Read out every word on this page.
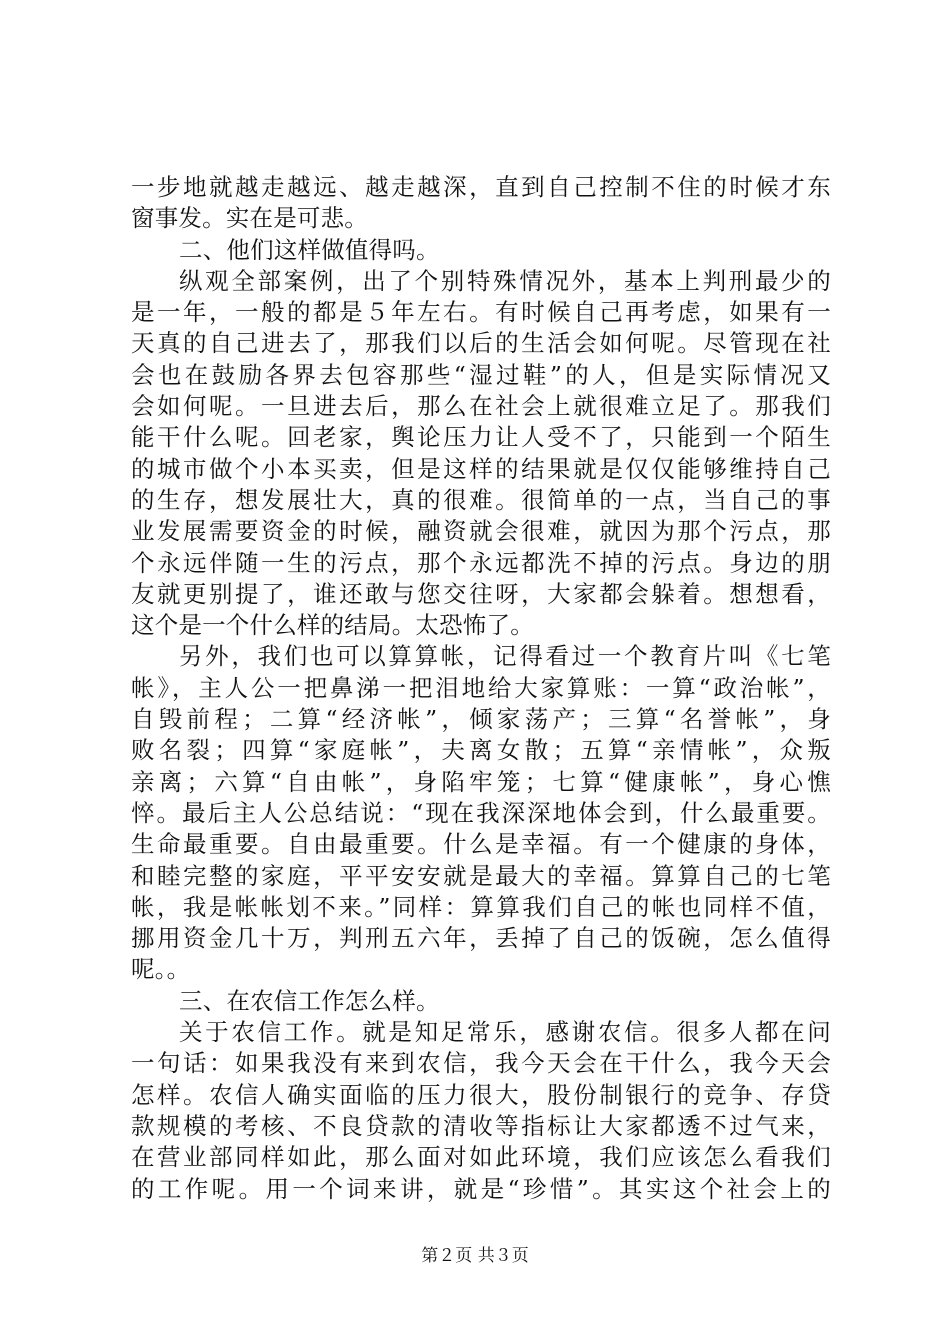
一步地就越走越远、越走越深，直到自己控制不住的时候才东
窗事发。实在是可悲。
二、他们这样做值得吗。
纵观全部案例，出了个别特殊情况外，基本上判刑最少的
是一年，一般的都是５年左右。有时候自己再考虑，如果有一
天真的自己进去了，那我们以后的生活会如何呢。尽管现在社
会也在鼓励各界去包容那些“湿过鞋”的人，但是实际情况又
会如何呢。一旦进去后，那么在社会上就很难立足了。那我们
能干什么呢。回老家，舆论压力让人受不了，只能到一个陌生
的城市做个小本买卖，但是这样的结果就是仅仅能够维持自己
的生存，想发展壮大，真的很难。很简单的一点，当自己的事
业发展需要资金的时候，融资就会很难，就因为那个污点，那
个永远伴随一生的污点，那个永远都洗不掉的污点。身边的朋
友就更别提了，谁还敢与您交往呀，大家都会躲着。想想看，
这个是一个什么样的结局。太恐怖了。
另外，我们也可以算算帐，记得看过一个教育片叫《七笔
帐》，主人公一把鼻涕一把泪地给大家算账：一算“政治帐”，
自毁前程；二算“经济帐”，倾家荡产；三算“名誉帐”，身
败名裂；四算“家庭帐”，夫离女散；五算“亲情帐”，众叛
亲离；六算“自由帐”，身陷牢笼；七算“健康帐”，身心憔
悴。最后主人公总结说：“现在我深深地体会到，什么最重要。
生命最重要。自由最重要。什么是幸福。有一个健康的身体，
和睦完整的家庭，平平安安就是最大的幸福。算算自己的七笔
帐，我是帐帐划不来。”同样：算算我们自己的帐也同样不值，
挪用资金几十万，判刑五六年，丢掉了自己的饭碗，怎么值得
呢。。
三、在农信工作怎么样。
关于农信工作。就是知足常乐，感谢农信。很多人都在问
一句话：如果我没有来到农信，我今天会在干什么，我今天会
怎样。农信人确实面临的压力很大，股份制银行的竞争、存贷
款规模的考核、不良贷款的清收等指标让大家都透不过气来，
在营业部同样如此，那么面对如此环境，我们应该怎么看我们
的工作呢。用一个词来讲，就是“珍惜”。其实这个社会上的
第２页 共３页
